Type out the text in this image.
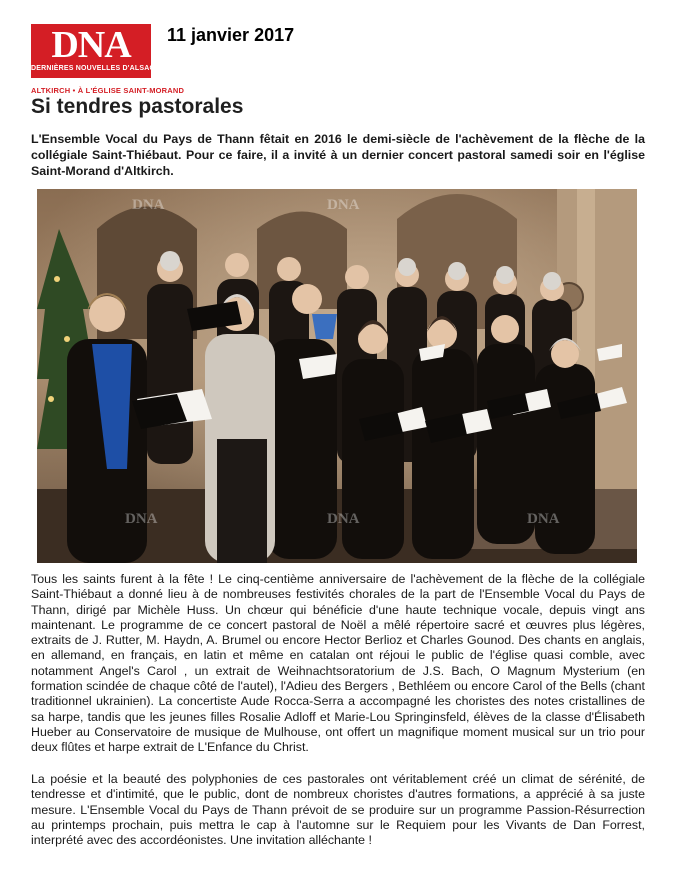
DNA
DERNIÈRES NOUVELLES D'ALSACE
11 janvier 2017
ALTKIRCH • À L'ÉGLISE SAINT-MORAND
Si tendres pastorales
L'Ensemble Vocal du Pays de Thann fêtait en 2016 le demi-siècle de l'achèvement de la flèche de la collégiale Saint-Thiébaut. Pour ce faire, il a invité à un dernier concert pastoral samedi soir en l'église Saint-Morand d'Altkirch.
DNA	DNA
DNA	DNA	DNA

Tous les saints furent à la fête ! Le cinq-centième anniversaire de l'achèvement de la flèche de la collégiale Saint-Thiébaut a donné lieu à de nombreuses festivités chorales de la part de l'Ensemble Vocal du Pays de Thann, dirigé par Michèle Huss. Un chœur qui bénéficie d'une haute technique vocale, depuis vingt ans maintenant. Le programme de ce concert pastoral de Noël a mêlé répertoire sacré et œuvres plus légères, extraits de J. Rutter, M. Haydn, A. Brumel ou encore Hector Berlioz et Charles Gounod. Des chants en anglais, en allemand, en français, en latin et même en catalan ont réjoui le public de l'église quasi comble, avec notamment Angel's Carol , un extrait de Weihnachtsoratorium de J.S. Bach, O Magnum Mysterium (en formation scindée de chaque côté de l'autel), l'Adieu des Bergers , Bethléem ou encore Carol of the Bells (chant traditionnel ukrainien). La concertiste Aude Rocca-Serra a accompagné les choristes des notes cristallines de sa harpe, tandis que les jeunes filles Rosalie Adloff et Marie-Lou Springinsfeld, élèves de la classe d'Élisabeth Hueber au Conservatoire de musique de Mulhouse, ont offert un magnifique moment musical sur un trio pour deux flûtes et harpe extrait de L'Enfance du Christ.

La poésie et la beauté des polyphonies de ces pastorales ont véritablement créé un climat de sérénité, de tendresse et d'intimité, que le public, dont de nombreux choristes d'autres formations, a apprécié à sa juste mesure. L'Ensemble Vocal du Pays de Thann prévoit de se produire sur un programme Passion-Résurrection au printemps prochain, puis mettra le cap à l'automne sur le Requiem pour les Vivants de Dan Forrest, interprété avec des accordéonistes. Une invitation alléchante !
